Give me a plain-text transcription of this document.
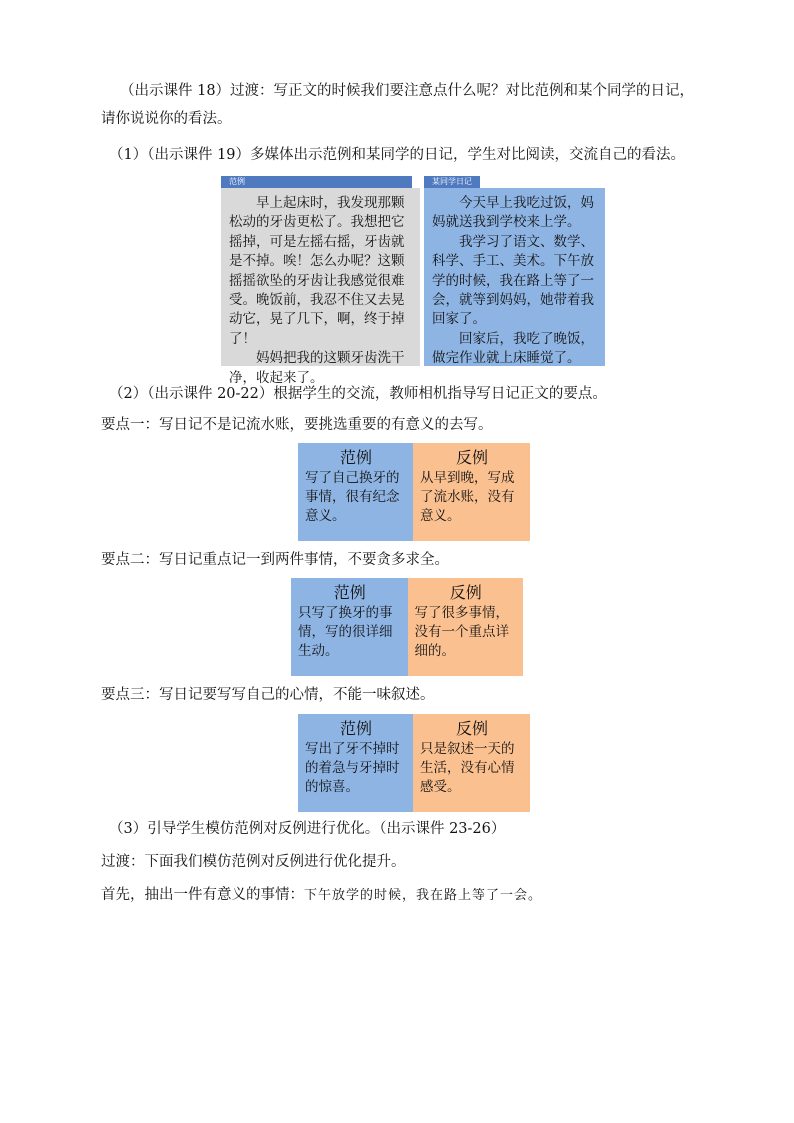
（出示课件 18）过渡：写正文的时候我们要注意点什么呢？对比范例和某个同学的日记，
请你说说你的看法。
（1）（出示课件 19）多媒体出示范例和某同学的日记，学生对比阅读，交流自己的看法。
范例

早上起床时，我发现那颗松动的牙齿更松了。我想把它摇掉，可是左摇右摇，牙齿就是不掉。唉！怎么办呢？这颗摇摇欲坠的牙齿让我感觉很难受。晚饭前，我忍不住又去晃动它，晃了几下，啊，终于掉了！

妈妈把我的这颗牙齿洗干净，收起来了。

某同学日记

今天早上我吃过饭，妈妈就送我到学校来上学。

我学习了语文、数学、科学、手工、美术。下午放学的时候，我在路上等了一会，就等到妈妈，她带着我回家了。

回家后，我吃了晚饭，做完作业就上床睡觉了。

（2）（出示课件 20-22）根据学生的交流，教师相机指导写日记正文的要点。
要点一：写日记不是记流水账，要挑选重要的有意义的去写。
范例
写了自己换牙的事情，很有纪念意义。
反例
从早到晚，写成了流水账，没有意义。
要点二：写日记重点记一到两件事情，不要贪多求全。
范例
只写了换牙的事情，写的很详细生动。
反例
写了很多事情，没有一个重点详细的。
要点三：写日记要写写自己的心情，不能一味叙述。
范例
写出了牙不掉时的着急与牙掉时的惊喜。
反例
只是叙述一天的生活，没有心情感受。
（3）引导学生模仿范例对反例进行优化。（出示课件 23-26）
过渡：下面我们模仿范例对反例进行优化提升。
首先，抽出一件有意义的事情：下午放学的时候，我在路上等了一会。
